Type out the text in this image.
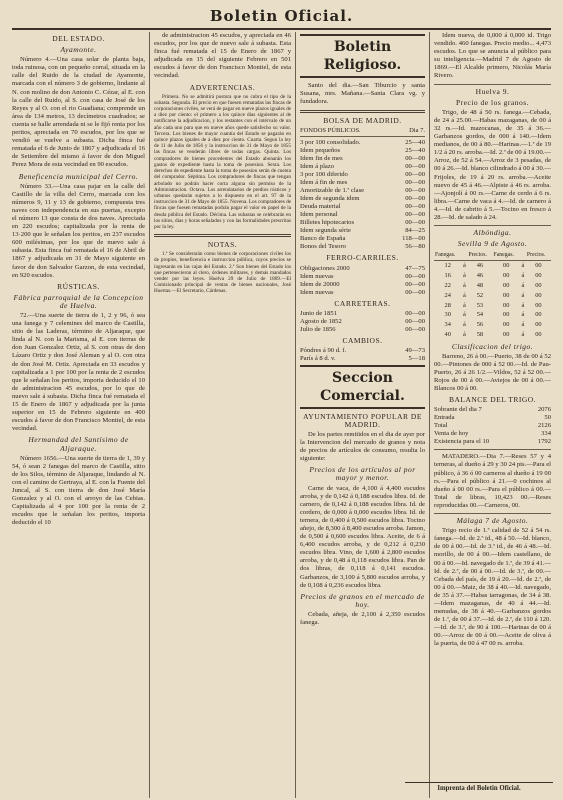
Boletin Oficial.
DEL ESTADO.
Ayamonte.

Número 4.—Una casa solar de planta baja, toda ruinosa, con un pequeño corral, situada en la calle del Ruido de la ciudad de Ayamonte, marcada con el número 3 de gobierno, lindante al N. con molino de don Antonio C. Cézar, al E. con la calle del Ruido, al S. con casa de José de los Reyes y al O. con el rio Guadiana; comprende un área de 134 metros, 13 decímetros cuadrados; se cuenta se halle arrendada ni se le fijó renta por los peritos, apreciada en 70 escudos, por los que se vendió se vuelve a subasta. Dicha finca fué rematada el 6 de Junio de 1867 y adjudicada el 16 de Setiembre del mismo á favor de don Miguel Perez Mora de esta vecindad en 90 escudos.

Beneficencia municipal del Cerro.

Número 33.—Una casa pajar en la calle del Castillo de la villa del Cerro, marcada con los números 9, 11 y 13 de gobierno, compuesta tres naves con independencia en sus puertas, excepto el número 13 que consta de dos naves. Apreciada en 220 escudos; capitalizada por la renta de 13·200 que le señalan los peritos, en 237 escudos 600 milésimas, por los que de nuevo sale á subasta. Esta finca fué rematada el 16 de Abril de 1867 y adjudicada en 31 de Mayo siguiente en favor de don Salvador Garzon, de esta vecindad, en 920 escudos.

RÚSTICAS.
Fábrica parroquial de la Concepcion de Huelva.

72.—Una suerte de tierra de 1, 2 y 96, ó sea una fanega y 7 celemines del marco de Castilla, sitio de las Laderas, término de Aljaraque, que linda al N. con la Marisma, al E. con tierras de don Juan Gonzalez Ortiz, al S. con otras de don Lázaro Ortiz y don José Aleman y al O. con otra de don José M. Ortiz. Apreciada en 33 escudos y capitalizada a 1 por 100 por la renta de 2 escudos que le señalan los peritos, importa deducido el 10 de administracion 45 escudos, por lo que de nuevo sale á subasta. Dicha finca fué rematada el 15 de Enero de 1867 y adjudicada por la junta superior en 15 de Febrero siguiente en 400 escudos á favor de don Francisco Montiel, de esta vecindad.

Hermandad del Santísimo de Aljaraque.

Número 1656.—Una suerte de tierra de 1, 39 y 54, ó sean 2 fanegas del marco de Castilla, sitio de los Silos, término de Aljaraque, lindando al N. con el camino de Gertraya, al E. con la Fuente del Juncal, al S. con tierra de don José María Gonzalez y al O. con el arroyo de las Cebias. Capitalizada al 4 por 100 por la renta de 2 escudos que le señalan los peritos, importa deducido el 10

de administracion 45 escudos, y apreciada en 46 escudos, por los que de nuevo sale á subasta. Esta finca fué rematada el 15 de Enero de 1867 y adjudicada en 15 del siguiente Febrero en 501 escudos á favor de don Francisco Montiel, de esta vecindad.

ADVERTENCIAS.

Primera. No se admitirá postura que no cubra el tipo de la subasta. Segunda. El precio en que fuesen rematadas las fincas de corporaciones civiles, se verá de pagar en nueve plazos iguales de a diez por ciento: el primero a los quince dias siguientes al de notificarse la adjudicacion, y los restantes con el intérvalo de un año cada uno para que en nueve años quede satisfecho su valor. Tercera. Los bienes de mayor cuantía del Estado se pagarán en quince plazos iguales de á diez por ciento. Cuarta. Segun la ley de 11 de Julio de 1856 y la instruccion de 31 de Mayo de 1855 las fincas se venderán libres de todas cargas. Quinta. Los compradores de bienes procedentes del Estado abonarán los gastos de expediente hasta la toma de posesion. Sexta. Los derechos de espediente hasta la toma de posesion serán de cuenta del comprador. Séptima. Los compradores de fincas que tengan arbolado no podrán hacer corta alguna sin permiso de la Administracion. Octava. Los arrendatarios de predios rústicos y urbanos quedarán sujetos a lo dispuesto en el art. 97 de la instruccion de 31 de Mayo de 1855. Novena. Los compradores de fincas que fuesen rematadas podrán pagar el valor en papel de la deuda pública del Estado. Décima. Las subastas se celebrarán en los sitios, dias y horas señalados y con las formalidades prescritas por la ley.

NOTAS.

1.ª Se considerarán como bienes de corporaciones civiles los de propios, beneficencia e instruccion pública, cuyos precios se ingresarán en las cajas del Estado. 2.ª Son bienes del Estado los que pertenecieron al clero, órdenes militares, y demás mandados vender por las leyes. Huelva 29 de Julio de 1869.—El Comisionado principal de ventas de bienes nacionales, José Huertas.—El Secretario, Cárdenas.

Boletin Religioso.

Santo del dia.—San Tiburcio y santa Susana, mrs. Mañana.—Santa Clara vg. y fundadora.

BOLSA DE MADRID.
FONDOS PÚBLICOS.	Dia 7.
3 por 100 consolidado.	25—40
Idem pequeños	25—40
Idem fin de mes	00—00
Idem á plazo	00—00
3 por 100 diferido	00—00
Idem á fin de mes	00—00
Amortizable de 1.ª clase	00—00
Idem de segunda idem	00—00
Deuda material	00—00
Idem personal	00—00
Billetes hipotecarios	00—00
Idem segunda série	84—25
Banco de España	118—00
Bonos del Tesoro	56—80
FERRO-CARRILES.
Obligaciones 2000	47—75
Idem nuevas	00—00
Idem de 20000	00—00
Idem nuevas	00—00
CARRETERAS.
Junio de 1851	00—00
Agosto de 1852	00—00
Julio de 1856	00—00
CAMBIOS.
Póndres á 90 d. f.	49—73
París á 8 d. v.	5—18
Seccion Comercial.
AYUNTAMIENTO POPULAR DE MADRID.

De los partes remitidos en el dia de ayer por la Intervencion del mercado de granos y nota de precios de artículos de consumo, resulta lo siguiente:

Precios de los artículos al por mayor y menor.

Carne de vaca, de 4,100 á 4,400 escudos arroba, y de 0,142 á 0,188 escudos libra. Id. de carnero, de 0,142 á 0,188 escudos libra. Id. de cordero, de 0,000 á 0,000 escudos libra. Id. de ternera, de 0,400 á 0,500 escudos libra. Tocino añejo, de 8,300 á 8,400 escudos arroba. Jamon, de 0,500 á 0,600 escudos libra. Aceite, de 6 á 6,400 escudos arroba, y de 0,212 á 0,230 escudos libra. Vino, de 1,600 á 2,800 escudos arroba, y de 0,48 á 0,118 escudos libra. Pan de dos libras, de 0,118 á 0,141 escudos. Garbanzos, de 3,100 á 5,800 escudos arroba, y de 0,108 á 0,236 escudos libra.

Precios de granos en el mercado de hoy.

Cebada, añeja, de 2,100 á 2,350 escudos fanega.

Idem nueva, de 0,000 á 0,000 id. Trigo vendido. 460 fanegas. Precio medio... 4,473 escudos. Lo que se anuncia al público para su inteligencia.—Madrid 7 de Agosto de 1869.—El Alcalde primero, Nicolás María Rivero.

Huelva 9.
Precio de los granos.

Trigo, de 48 á 50 rs. fanega.—Cebada, de 24 á 25.00.—Habas mazaganas, de 00 á 32 rs.—Id. mazocanas, de 35 á 36.—Garbanzos gordos, de 000 á 140.—Idem medianos, de 00 á 80.—Harinas.—1.ª de 19 1/2 á 20 rs. arroba.—Id. 2.ª de 00 á 19.00.—Arroz, de 52 á 54.—Arroz de 3 pesadas, de 00 á 26.—Id. blanco cilindrado á 00 á 30.—Frijoles, de 19 á 20 rs. arroba.—Aceite nuevo de 45 á 46.—Alpiste á 46 rs. arroba.—Ajonjolí á 00 rs.—Carne de cerdo á 6 rs. libra.—Carne de vaca á 4.—Id. de carnero á 4.—Id. de cabrito á 5.—Tocino en fresco á 28.—Id. de salado á 24.

Albóndiga.
Sevilla 9 de Agosto.
Fanegas.		Precios.	Fanegas.		Precios.
12	á	46	00	á	00
16	á	46	00	á	00
22	á	48	00	á	00
24	á	52	00	á	00
28	á	53	00	á	00
30	á	54	00	á	00
34	á	56	00	á	00
40	á	58	00	á	00
Clasificacion del trigo.

Barreno, 26 á 00.—Puerto, 38 de 00 á 52 00.—Pintones de 000 á 52 00.—Id. de Pau-Puerto, 26 á 26 1/2.—Vildos, 52 á 52 00.—Rojos de 00 á 00.—Aviejos de 00 á 00.—Blancos 00 á 00.

BALANCE DEL TRIGO.
Sobrante del dia 7	2076
Entrada	50
Total	2126
Venta de hoy	334
Existencia para el 10	1792

MATADERO.—Dia 7.—Reses 57 y 4 terneras, al dueño á 29 y 30 24 pts.—Para el público, á 36 ó 00 carneros al dueño á 19 00 rs.—Para el público á 21.—0 cochinos al dueño á 00 00 rs.—Para el público á 00.—Total de libras, 10,423 00.—Reses reproducidas 00.—Carneros, 00.

Málaga 7 de Agosto.

Trigo recio de 1.ª calidad de 52 á 54 rs. fanega.—Id. de 2.ª id., 48 á 50.—Id. blanco, de 00 á 00.—Id. de 3.ª id., de 46 á 48.—Id. morillo, de 00 á 00.—Idem castellano, de 00 á 00.—Id. navegado de 1.ª, de 39 á 41.—Id. de 2.ª, de 00 á 00.—Id. de 3.ª, de 00.—Cebada del país, de 19 á 20.—Id. de 2.ª, de 00 á 00.—Maiz, de 38 á 40.—Id. navegado, de 35 á 37.—Habas tarragonas, de 34 á 38.—Idem mazaganas, de 40 á 44.—Id. menudas, de 38 á 40.—Garbanzos gordos de 1.ª, de 00 á 37.—Id. de 2.ª, de 110 á 120.—Id. de 3.ª, de 90 á 100.—Harinas de 00 á 00.—Arroz de 00 á 00.—Aceite de oliva á la puerta, de 00 á 47 00 rs. arroba.

Imprenta del Boletin Oficial.
